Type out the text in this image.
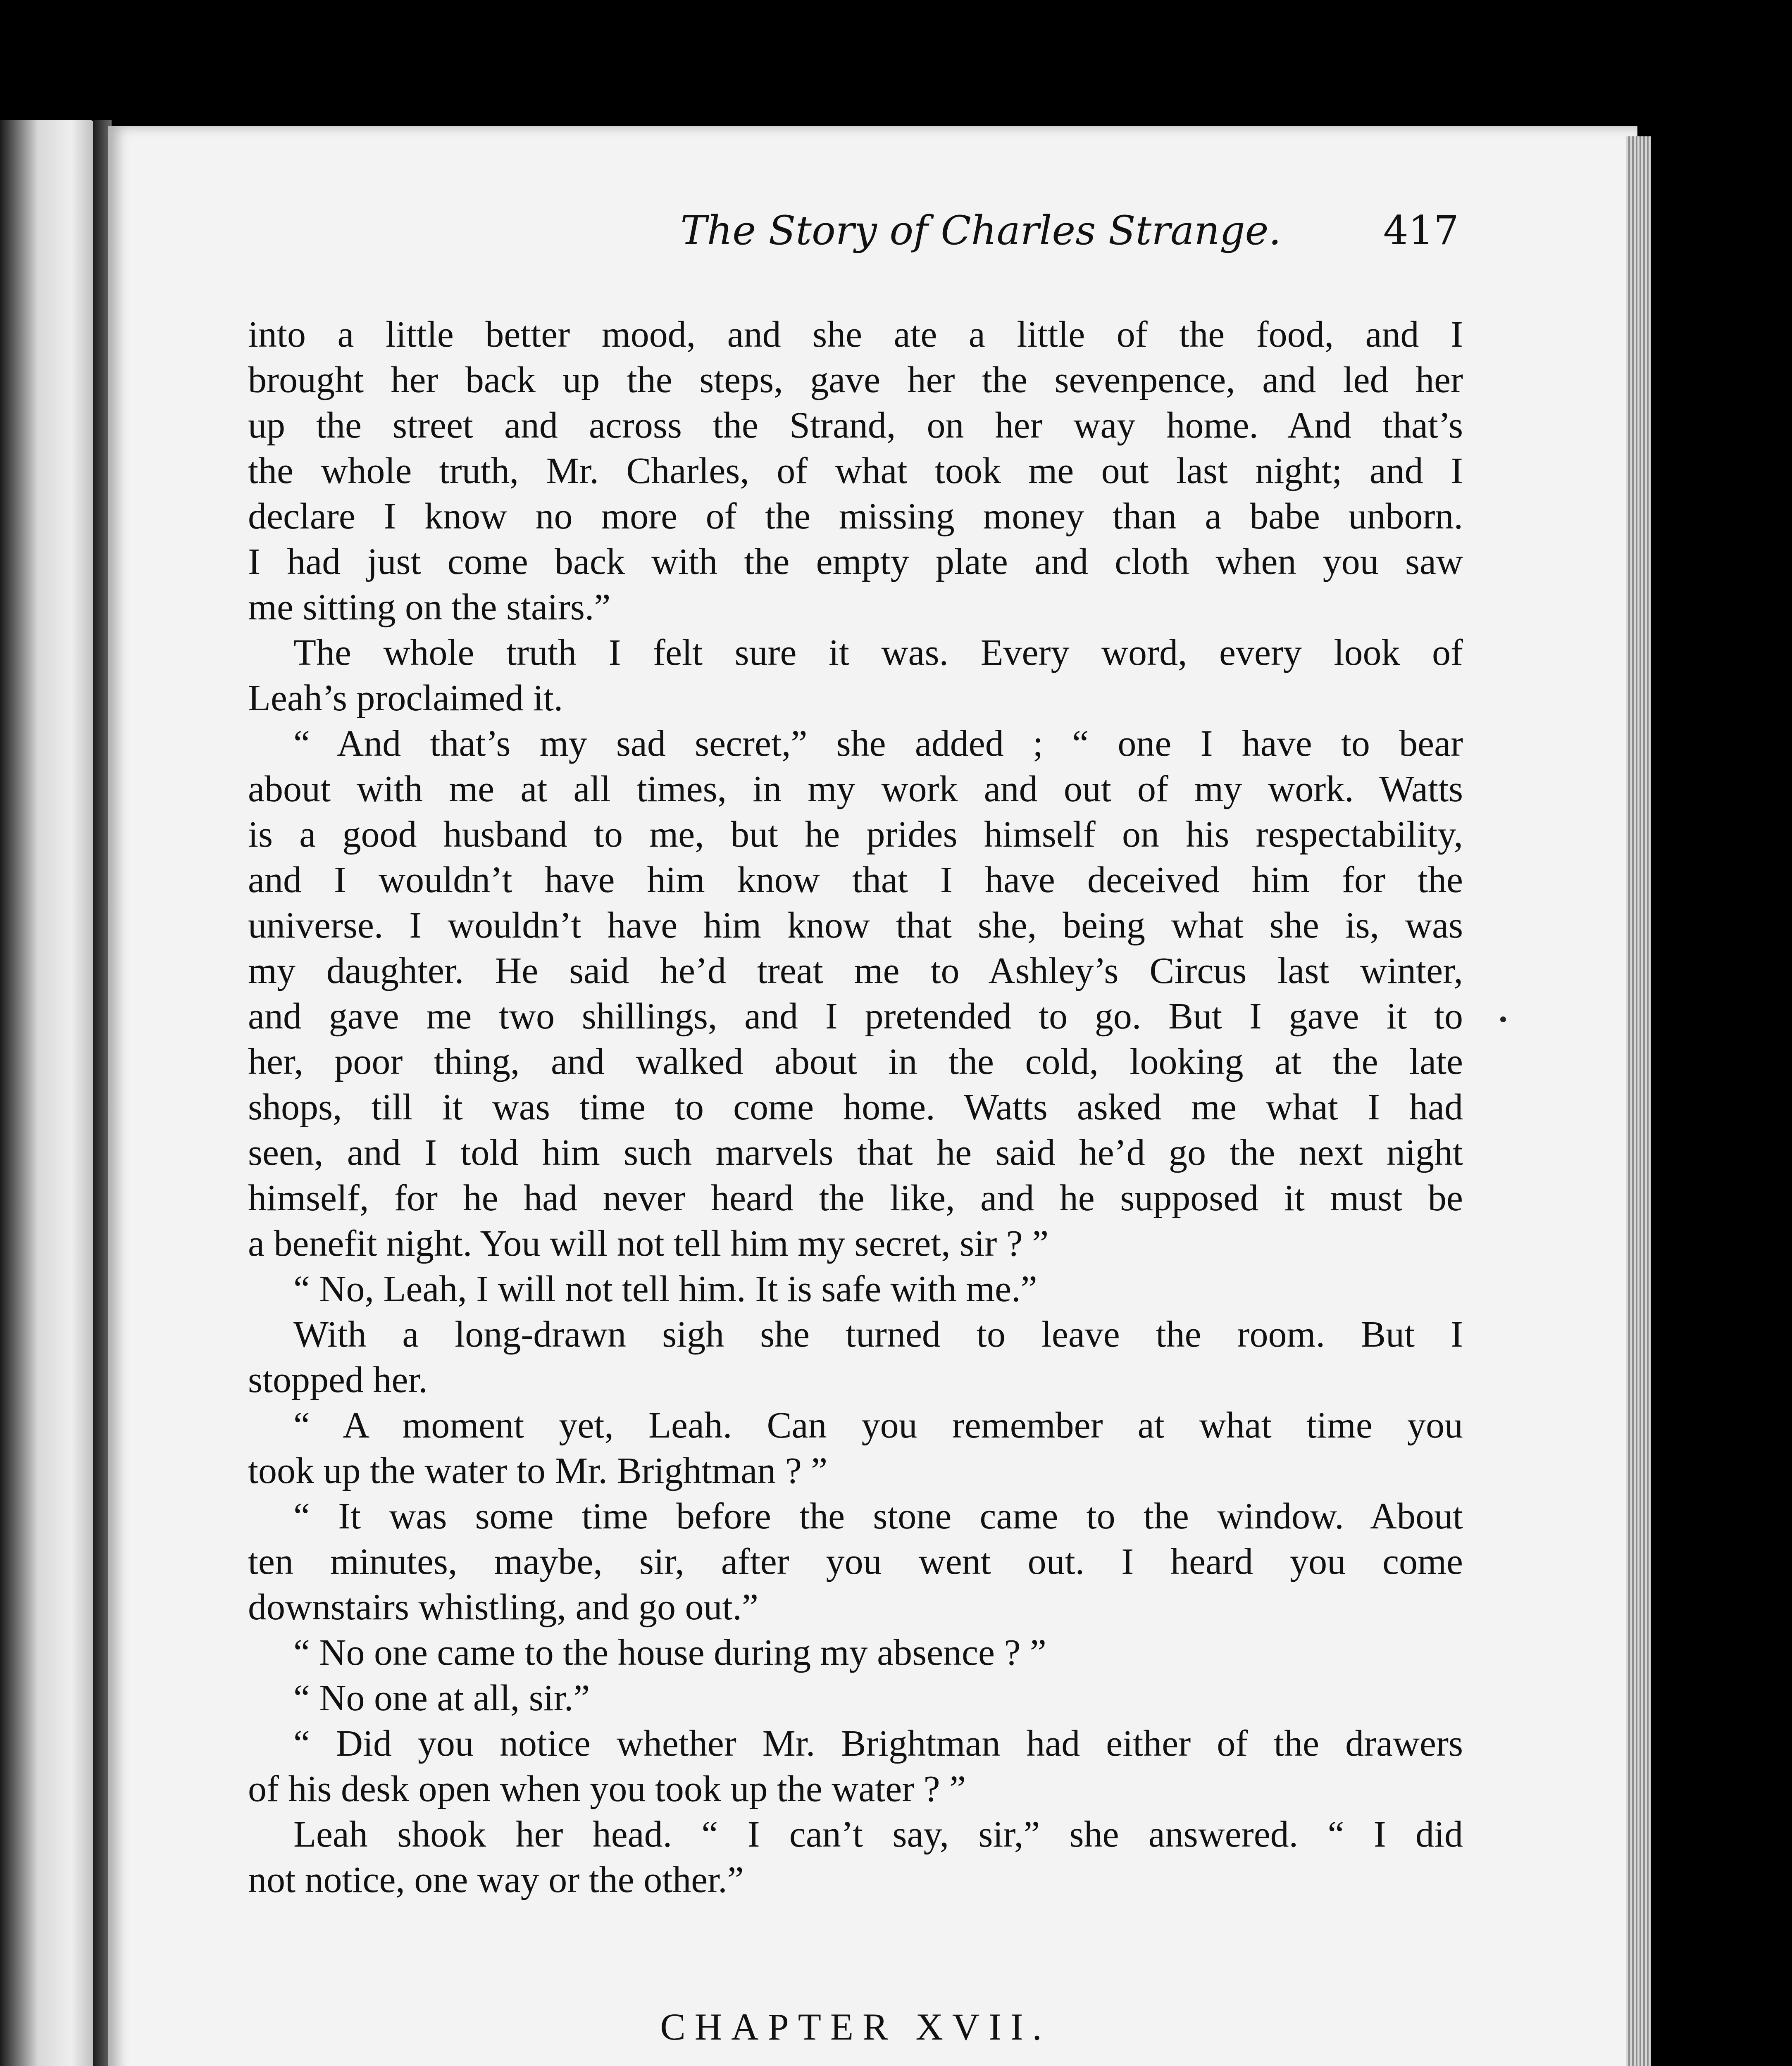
The Story of Charles Strange.	417
into a little better mood, and she ate a little of the food, and I
brought her back up the steps, gave her the sevenpence, and led her
up the street and across the Strand, on her way home. And that’s
the whole truth, Mr. Charles, of what took me out last night; and I
declare I know no more of the missing money than a babe unborn.
I had just come back with the empty plate and cloth when you saw
me sitting on the stairs.”
The whole truth I felt sure it was. Every word, every look of
Leah’s proclaimed it.
“ And that’s my sad secret,” she added ; “ one I have to bear
about with me at all times, in my work and out of my work. Watts
is a good husband to me, but he prides himself on his respectability,
and I wouldn’t have him know that I have deceived him for the
universe. I wouldn’t have him know that she, being what she is, was
my daughter. He said he’d treat me to Ashley’s Circus last winter,
and gave me two shillings, and I pretended to go. But I gave it to
her, poor thing, and walked about in the cold, looking at the late
shops, till it was time to come home. Watts asked me what I had
seen, and I told him such marvels that he said he’d go the next night
himself, for he had never heard the like, and he supposed it must be
a benefit night. You will not tell him my secret, sir ? ”
“ No, Leah, I will not tell him. It is safe with me.”
With a long-drawn sigh she turned to leave the room. But I
stopped her.
“ A moment yet, Leah. Can you remember at what time you
took up the water to Mr. Brightman ? ”
“ It was some time before the stone came to the window. About
ten minutes, maybe, sir, after you went out. I heard you come
downstairs whistling, and go out.”
“ No one came to the house during my absence ? ”
“ No one at all, sir.”
“ Did you notice whether Mr. Brightman had either of the drawers
of his desk open when you took up the water ? ”
Leah shook her head. “ I can’t say, sir,” she answered. “ I did
not notice, one way or the other.”
CHAPTER XVII.
